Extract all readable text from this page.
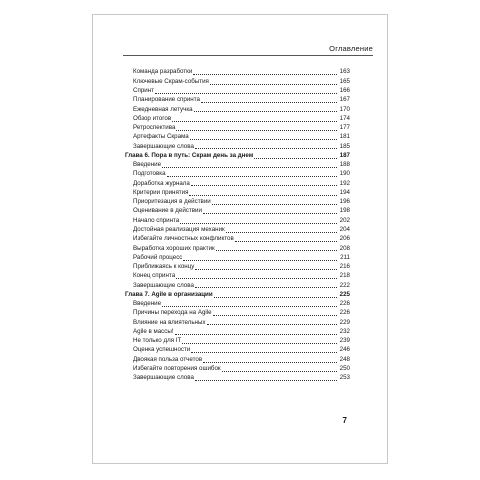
Оглавление
Команда разработки	163
Ключевые Скрам-события	165
Спринт	166
Планирование спринта	167
Ежедневная летучка	170
Обзор итогов	174
Ретроспектива	177
Артефакты Скрама	181
Завершающие слова	185
Глава 6. Пора в путь: Скрам день за днем	187
Введение	188
Подготовка	190
Доработка журнала	192
Критерии принятия	194
Приоритезация в действии	196
Оценивание в действии	198
Начало спринта	202
Достойная реализация механик	204
Избегайте личностных конфликтов	206
Выработка хороших практик	208
Рабочий процесс	211
Приближаясь к концу	216
Конец спринта	218
Завершающие слова	222
Глава 7. Agile в организации	225
Введение	226
Причины перехода на Agile	226
Влияние на влиятельных	229
Agile в массы!	232
Не только для IT	239
Оценка успешности	246
Двоякая польза отчетов	248
Избегайте повторения ошибок	250
Завершающие слова	253
7
